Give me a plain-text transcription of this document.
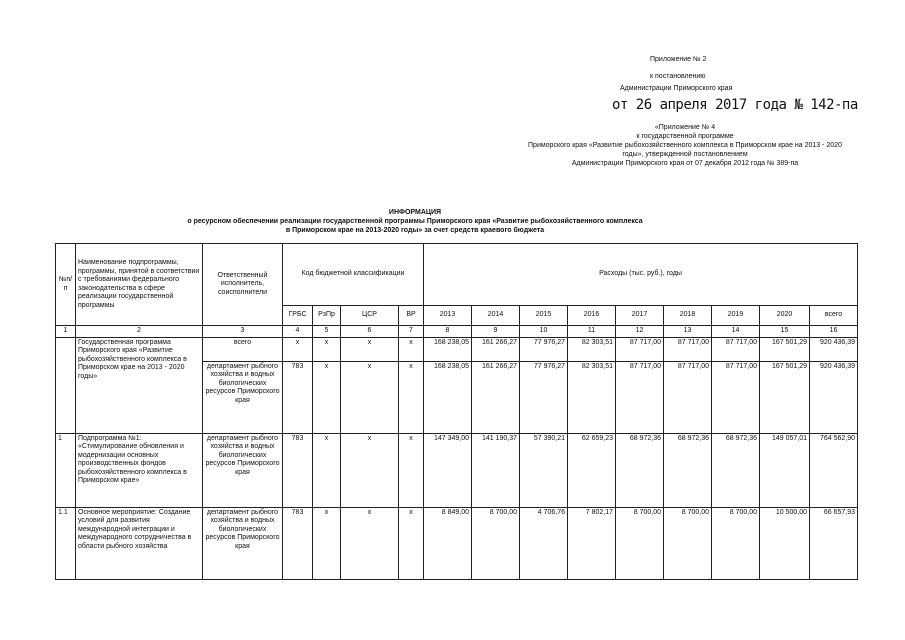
Приложение № 2
к постановлению
Администрации Приморского края
от 26 апреля 2017 года № 142-па
«Приложение № 4
к государственной программе
Приморского края «Развитие рыбохозяйственного комплекса в Приморском крае на 2013 - 2020 годы», утвержденной постановлением
Администрации Приморского края от 07 декабря 2012 года № 389-па
ИНФОРМАЦИЯ
о ресурсном обеспечении реализации государственной программы Приморского края «Развитие рыбохозяйственного комплекса
в Приморском крае на 2013-2020 годы» за счет средств краевого бюджета
№п/п	Наименование подпрограммы, программы, принятой в соответствии с требованиями федерального законодательства в сфере реализации государственной программы	Ответственный исполнитель, соисполнители	Код бюджетной классификации				Расходы (тыс. руб.), годы								
			ГРБС	РзПр	ЦСР	ВР	2013	2014	2015	2016	2017	2018	2019	2020	всего
1	2	3	4	5	6	7	8	9	10	11	12	13	14	15	16
	Государственная программа Приморского края «Развитие рыбохозяйственного комплекса в Приморском крае на 2013 - 2020 годы»	всего	x	x	x	x	168 238,05	161 266,27	77 976,27	82 303,51	87 717,00	87 717,00	87 717,00	167 501,29	920 436,39
		департамент рыбного хозяйства и водных биологических ресурсов Приморского края	783	x	x	x	168 238,05	161 266,27	77 976,27	82 303,51	87 717,00	87 717,00	87 717,00	167 501,29	920 436,39
1	Подпрограмма №1: «Стимулирование обновления и модернизации основных производственных фондов рыбохозяйственного комплекса в Приморском крае»	департамент рыбного хозяйства и водных биологических ресурсов Приморского края	783	x	x	x	147 349,00	141 190,37	57 390,21	62 659,23	68 972,36	68 972,36	68 972,36	149 057,01	764 562,90
1.1	Основное мероприятие: Создание условий для развития международной интеграции и международного сотрудничества в области рыбного хозяйства	департамент рыбного хозяйства и водных биологических ресурсов Приморского края	783	x	x	x	8 849,00	8 700,00	4 706,76	7 802,17	8 700,00	8 700,00	8 700,00	10 500,00	66 657,93
